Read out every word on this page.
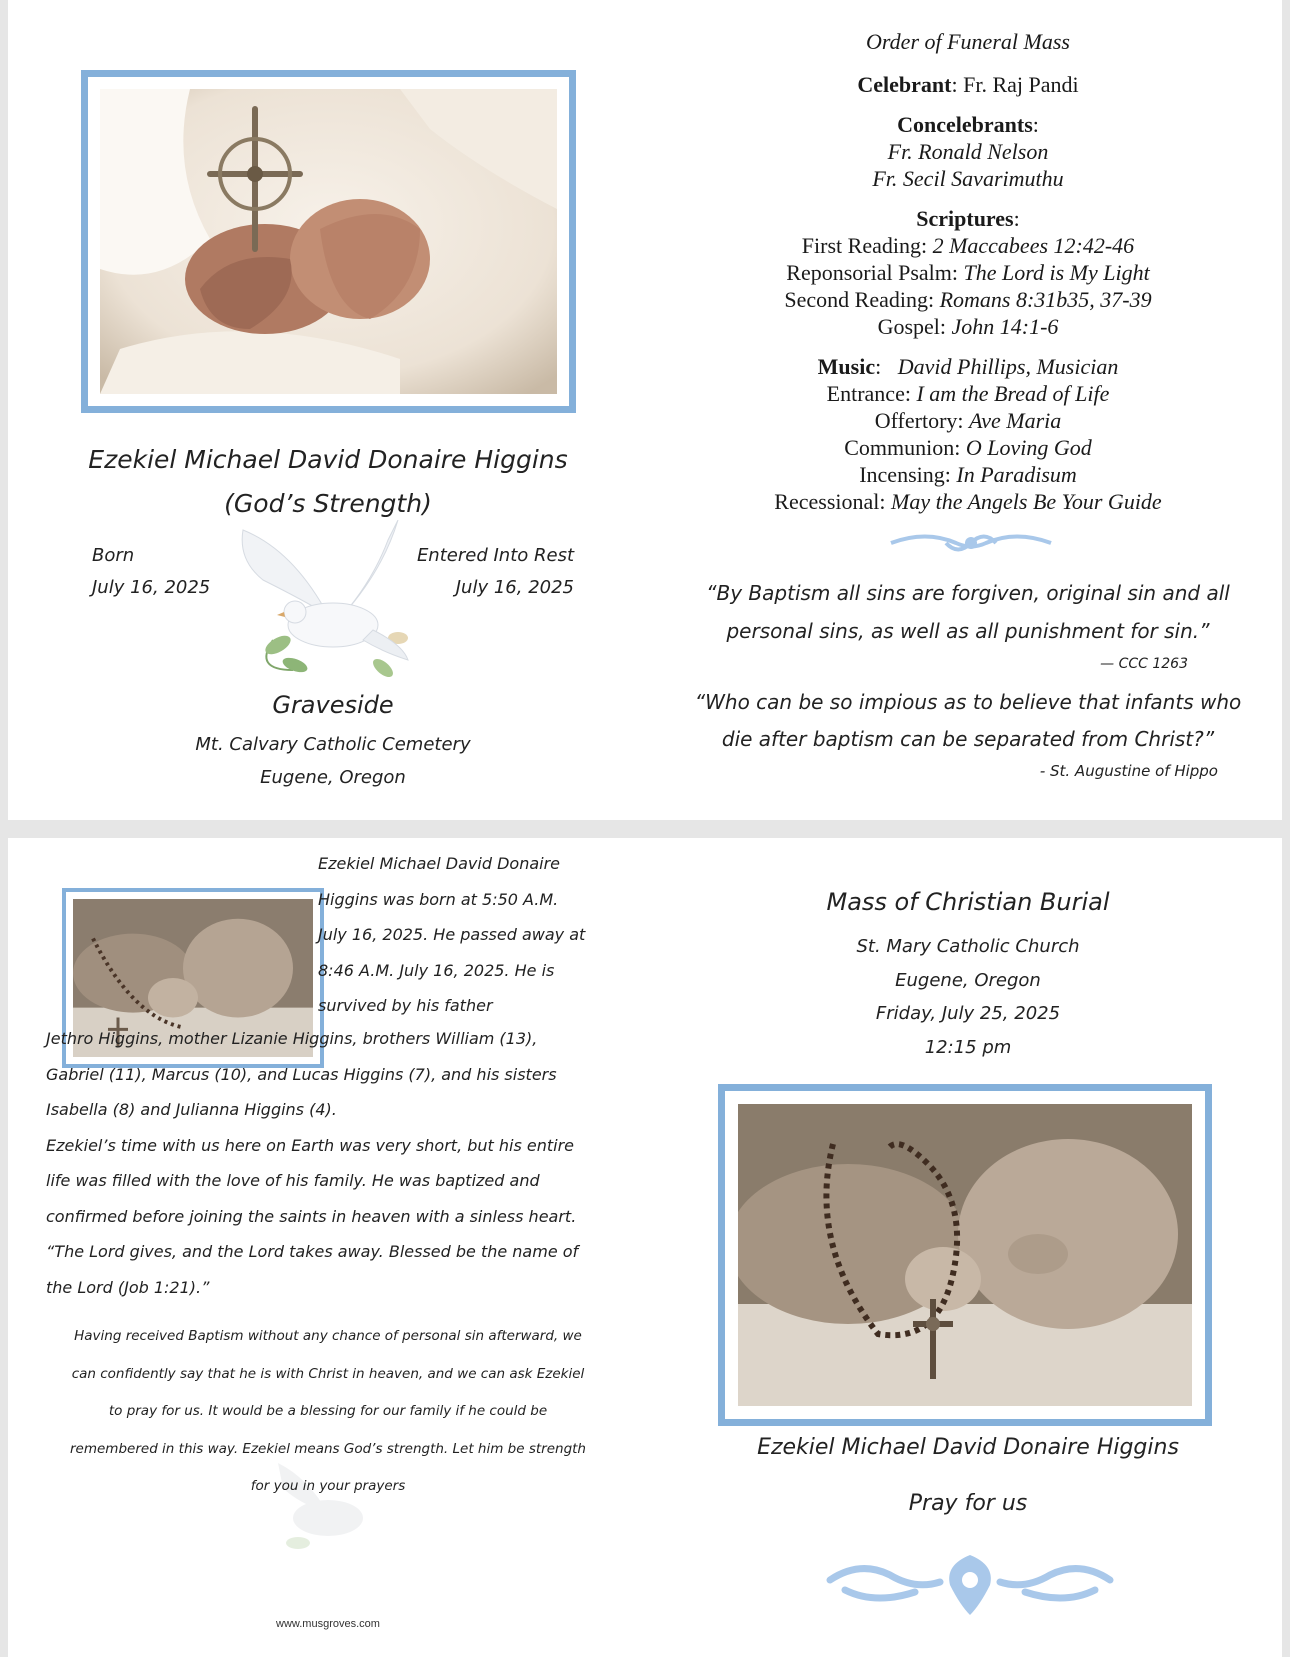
Ezekiel Michael David Donaire Higgins
(God’s Strength)
Born
July 16, 2025
Entered Into Rest
July 16, 2025
Graveside
Mt. Calvary Catholic Cemetery
Eugene, Oregon
Order of Funeral Mass
Celebrant: Fr. Raj Pandi
Concelebrants:
Fr. Ronald Nelson
Fr. Secil Savarimuthu
Scriptures:
First Reading: 2 Maccabees 12:42-46
Reponsorial Psalm: The Lord is My Light
Second Reading: Romans 8:31b35, 37-39
Gospel: John 14:1-6
Music:   David Phillips, Musician
Entrance: I am the Bread of Life
Offertory: Ave Maria
Communion: O Loving God
Incensing: In Paradisum
Recessional: May the Angels Be Your Guide
“By Baptism all sins are forgiven, original sin and all
personal sins, as well as all punishment for sin.”
— CCC 1263
“Who can be so impious as to believe that infants who
die after baptism can be separated from Christ?”
- St. Augustine of Hippo
Ezekiel Michael David Donaire
Higgins was born at 5:50 A.M.
July 16, 2025. He passed away at
8:46 A.M. July 16, 2025. He is
survived by his father
Jethro Higgins, mother Lizanie Higgins, brothers William (13),
Gabriel (11), Marcus (10), and Lucas Higgins (7), and his sisters
Isabella (8) and Julianna Higgins (4).
Ezekiel’s time with us here on Earth was very short, but his entire
life was filled with the love of his family. He was baptized and
confirmed before joining the saints in heaven with a sinless heart.
“The Lord gives, and the Lord takes away. Blessed be the name of
the Lord (Job 1:21).”
Having received Baptism without any chance of personal sin afterward, we
can confidently say that he is with Christ in heaven, and we can ask Ezekiel
to pray for us. It would be a blessing for our family if he could be
remembered in this way. Ezekiel means God’s strength. Let him be strength
for you in your prayers
www.musgroves.com
Mass of Christian Burial
St. Mary Catholic Church
Eugene, Oregon
Friday, July 25, 2025
12:15 pm
Ezekiel Michael David Donaire Higgins
Pray for us
